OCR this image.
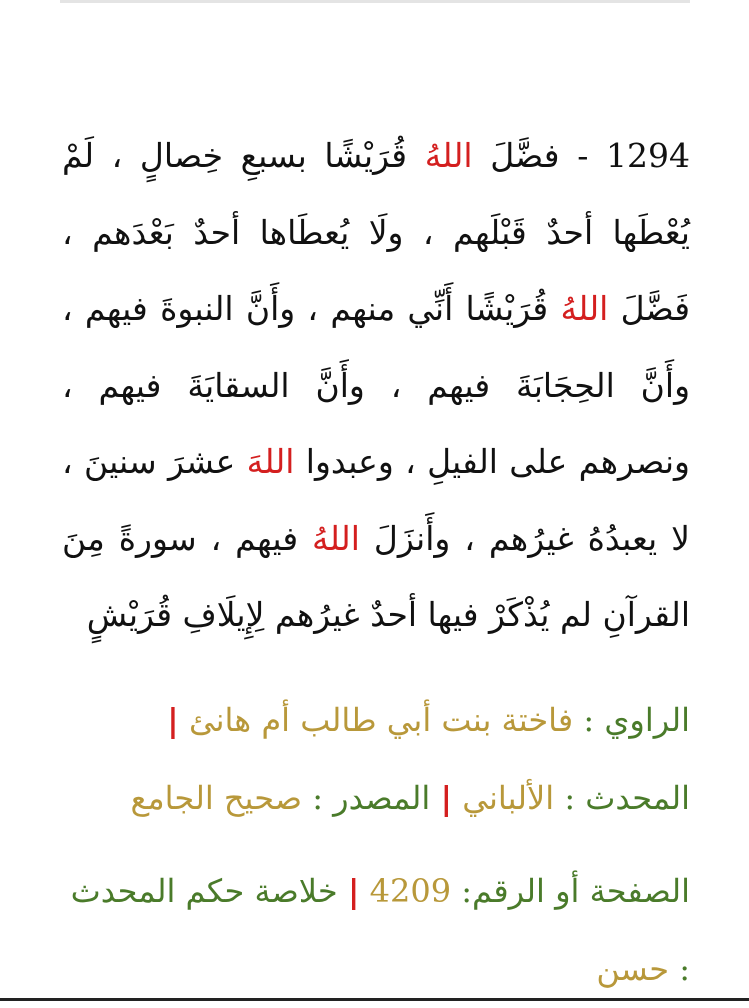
1294 - فضَّلَ اللهُ قُرَيْشًا بسبعِ خِصالٍ ، لَمْ يُعْطَها أحدٌ قَبْلَهم ، ولَا يُعطَاها أحدٌ بَعْدَهم ، فَضَّلَ اللهُ قُرَيْشًا أَنِّي منهم ، وأَنَّ النبوةَ فيهم ، وأَنَّ الحِجَابَةَ فيهم ، وأَنَّ السقايَةَ فيهم ، ونصرهم على الفيلِ ، وعبدوا اللهَ عشرَ سنينَ ، لا يعبدُهُ غيرُهم ، وأَنزَلَ اللهُ فيهم ، سورةً مِنَ القرآنِ لم يُذْكَرْ فيها أحدٌ غيرُهم لِإِيلَافِ قُرَيْشٍ
الراوي : فاختة بنت أبي طالب أم هانئ | المحدث : الألباني | المصدر : صحيح الجامع
الصفحة أو الرقم: 4209 | خلاصة حكم المحدث : حسن
